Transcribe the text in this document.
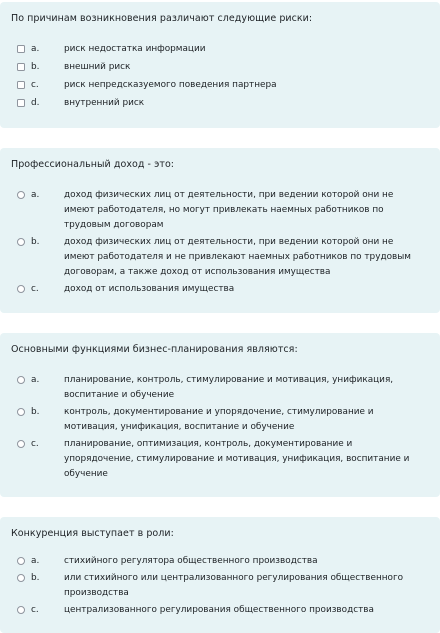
По причинам возникновения различают следующие риски:
a.	риск недостатка информации
b.	внешний риск
c.	риск непредсказуемого поведения партнера
d.	внутренний риск
Профессиональный доход - это:
a.	доход физических лиц от деятельности, при ведении которой они не имеют работодателя, но могут привлекать наемных работников по трудовым договорам
b.	доход физических лиц от деятельности, при ведении которой они не имеют работодателя и не привлекают наемных работников по трудовым договорам, а также доход от использования имущества
c.	доход от использования имущества
Основными функциями бизнес-планирования являются:
a.	планирование, контроль, стимулирование и мотивация, унификация, воспитание и обучение
b.	контроль, документирование и упорядочение, стимулирование и мотивация, унификация, воспитание и обучение
c.	планирование, оптимизация, контроль, документирование и упорядочение, стимулирование и мотивация, унификация, воспитание и обучение
Конкуренция выступает в роли:
a.	стихийного регулятора общественного производства
b.	или стихийного или централизованного регулирования общественного производства
c.	централизованного регулирования общественного производства
